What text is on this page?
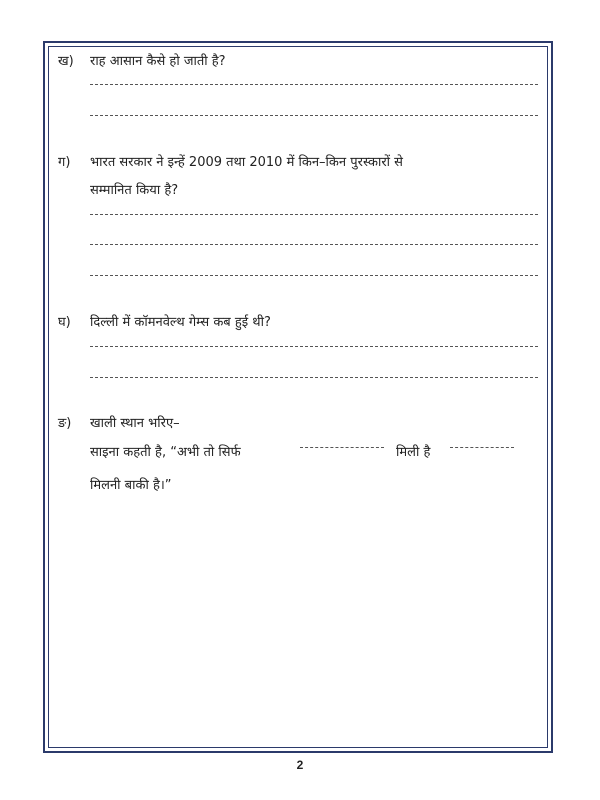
ख) राह आसान कैसे हो जाती है?
ग) भारत सरकार ने इन्हें 2009 तथा 2010 में किन–किन पुरस्कारों से
सम्मानित किया है?
घ) दिल्ली में कॉमनवेल्थ गेम्स कब हुई थी?
ङ) खाली स्थान भरिए–
साइना कहती है, “अभी तो सिर्फ	मिली है
मिलनी बाकी है।”
2
